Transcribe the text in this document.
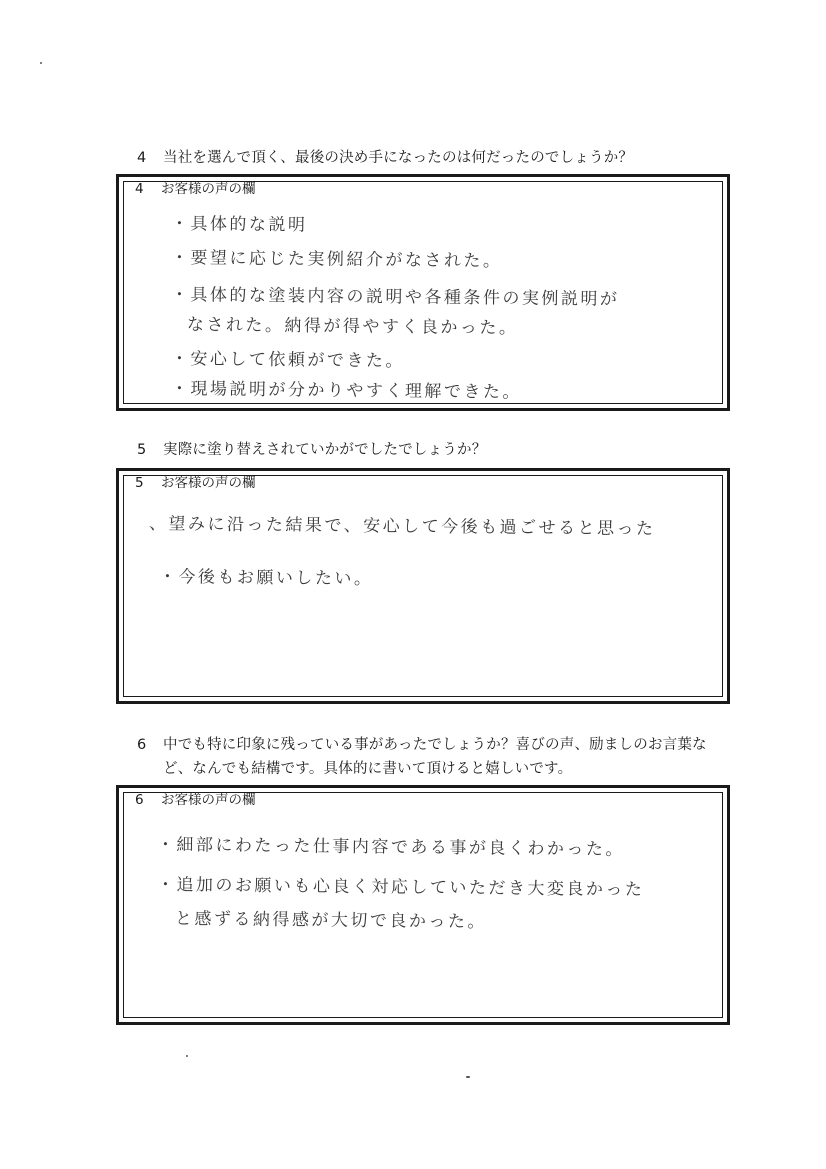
4 当社を選んで頂く、最後の決め手になったのは何だったのでしょうか？
4 お客様の声の欄
・具体的な説明
・要望に応じた実例紹介がなされた。
・具体的な塗装内容の説明や各種条件の実例説明が
なされた。納得が得やすく良かった。
・安心して依頼ができた。
・現場説明が分かりやすく理解できた。
5 実際に塗り替えされていかがでしたでしょうか？
5 お客様の声の欄
、望みに沿った結果で、安心して今後も過ごせると思った
・今後もお願いしたい。
6 中でも特に印象に残っている事があったでしょうか？喜びの声、励ましのお言葉な
ど、なんでも結構です。具体的に書いて頂けると嬉しいです。
6 お客様の声の欄
・細部にわたった仕事内容である事が良くわかった。
・追加のお願いも心良く対応していただき大変良かった
と感ずる納得感が大切で良かった。
